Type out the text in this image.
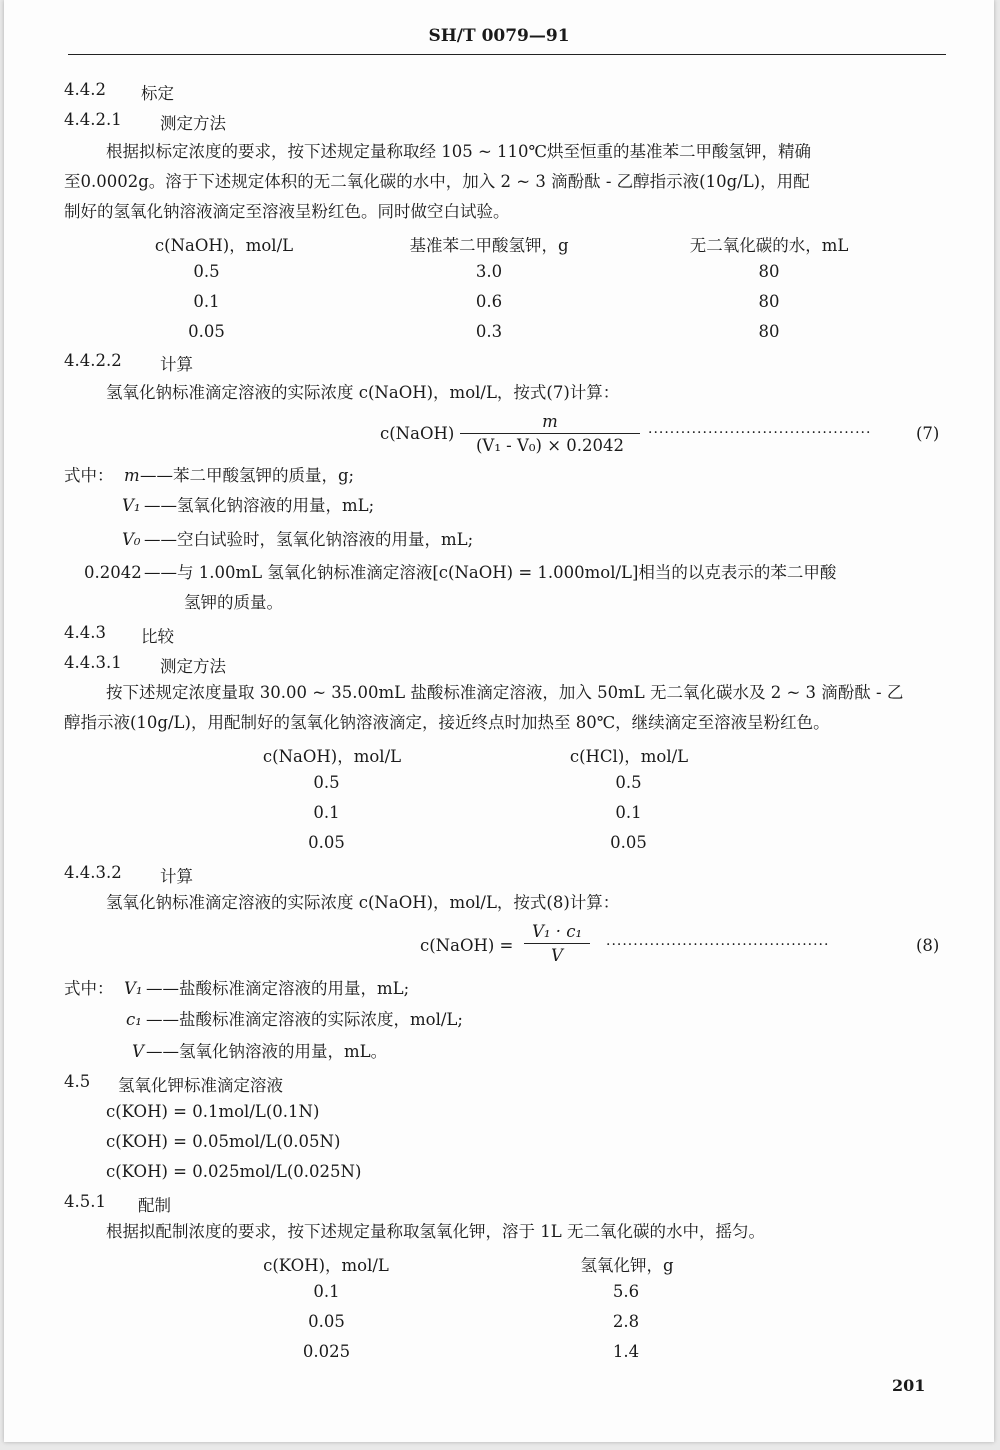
SH/T 0079—91
4.4.2 标定
4.4.2.1 测定方法
根据拟标定浓度的要求，按下述规定量称取经 105 ~ 110℃烘至恒重的基准苯二甲酸氢钾，精确
至0.0002g。溶于下述规定体积的无二氧化碳的水中，加入 2 ~ 3 滴酚酞 - 乙醇指示液(10g/L)，用配
制好的氢氧化钠溶液滴定至溶液呈粉红色。同时做空白试验。
c(NaOH)，mol/L	基准苯二甲酸氢钾，g	无二氧化碳的水，mL
0.5	3.0	80
0.1	0.6	80
0.05	0.3	80
4.4.2.2 计算
氢氧化钠标准滴定溶液的实际浓度 c(NaOH)，mol/L，按式(7)计算：
c(NaOH)
m
(V₁ - V₀) × 0.2042
·········································	(7)
式中： m ——苯二甲酸氢钾的质量，g;
V₁ ——氢氧化钠溶液的用量，mL;
V₀ ——空白试验时，氢氧化钠溶液的用量，mL;
0.2042 ——与 1.00mL 氢氧化钠标准滴定溶液[c(NaOH) = 1.000mol/L]相当的以克表示的苯二甲酸
氢钾的质量。
4.4.3 比较
4.4.3.1 测定方法
按下述规定浓度量取 30.00 ~ 35.00mL 盐酸标准滴定溶液，加入 50mL 无二氧化碳水及 2 ~ 3 滴酚酞 - 乙
醇指示液(10g/L)，用配制好的氢氧化钠溶液滴定，接近终点时加热至 80℃，继续滴定至溶液呈粉红色。
c(NaOH)，mol/L	c(HCl)，mol/L
0.5	0.5
0.1	0.1
0.05	0.05
4.4.3.2 计算
氢氧化钠标准滴定溶液的实际浓度 c(NaOH)，mol/L，按式(8)计算：
c(NaOH) =
V₁ · c₁
V
·········································	(8)
式中： V₁ ——盐酸标准滴定溶液的用量，mL;
c₁ ——盐酸标准滴定溶液的实际浓度，mol/L;
V ——氢氧化钠溶液的用量，mL。
4.5 氢氧化钾标准滴定溶液
c(KOH) = 0.1mol/L(0.1N)
c(KOH) = 0.05mol/L(0.05N)
c(KOH) = 0.025mol/L(0.025N)
4.5.1 配制
根据拟配制浓度的要求，按下述规定量称取氢氧化钾，溶于 1L 无二氧化碳的水中，摇匀。
c(KOH)，mol/L	氢氧化钾，g
0.1	5.6
0.05	2.8
0.025	1.4
201
